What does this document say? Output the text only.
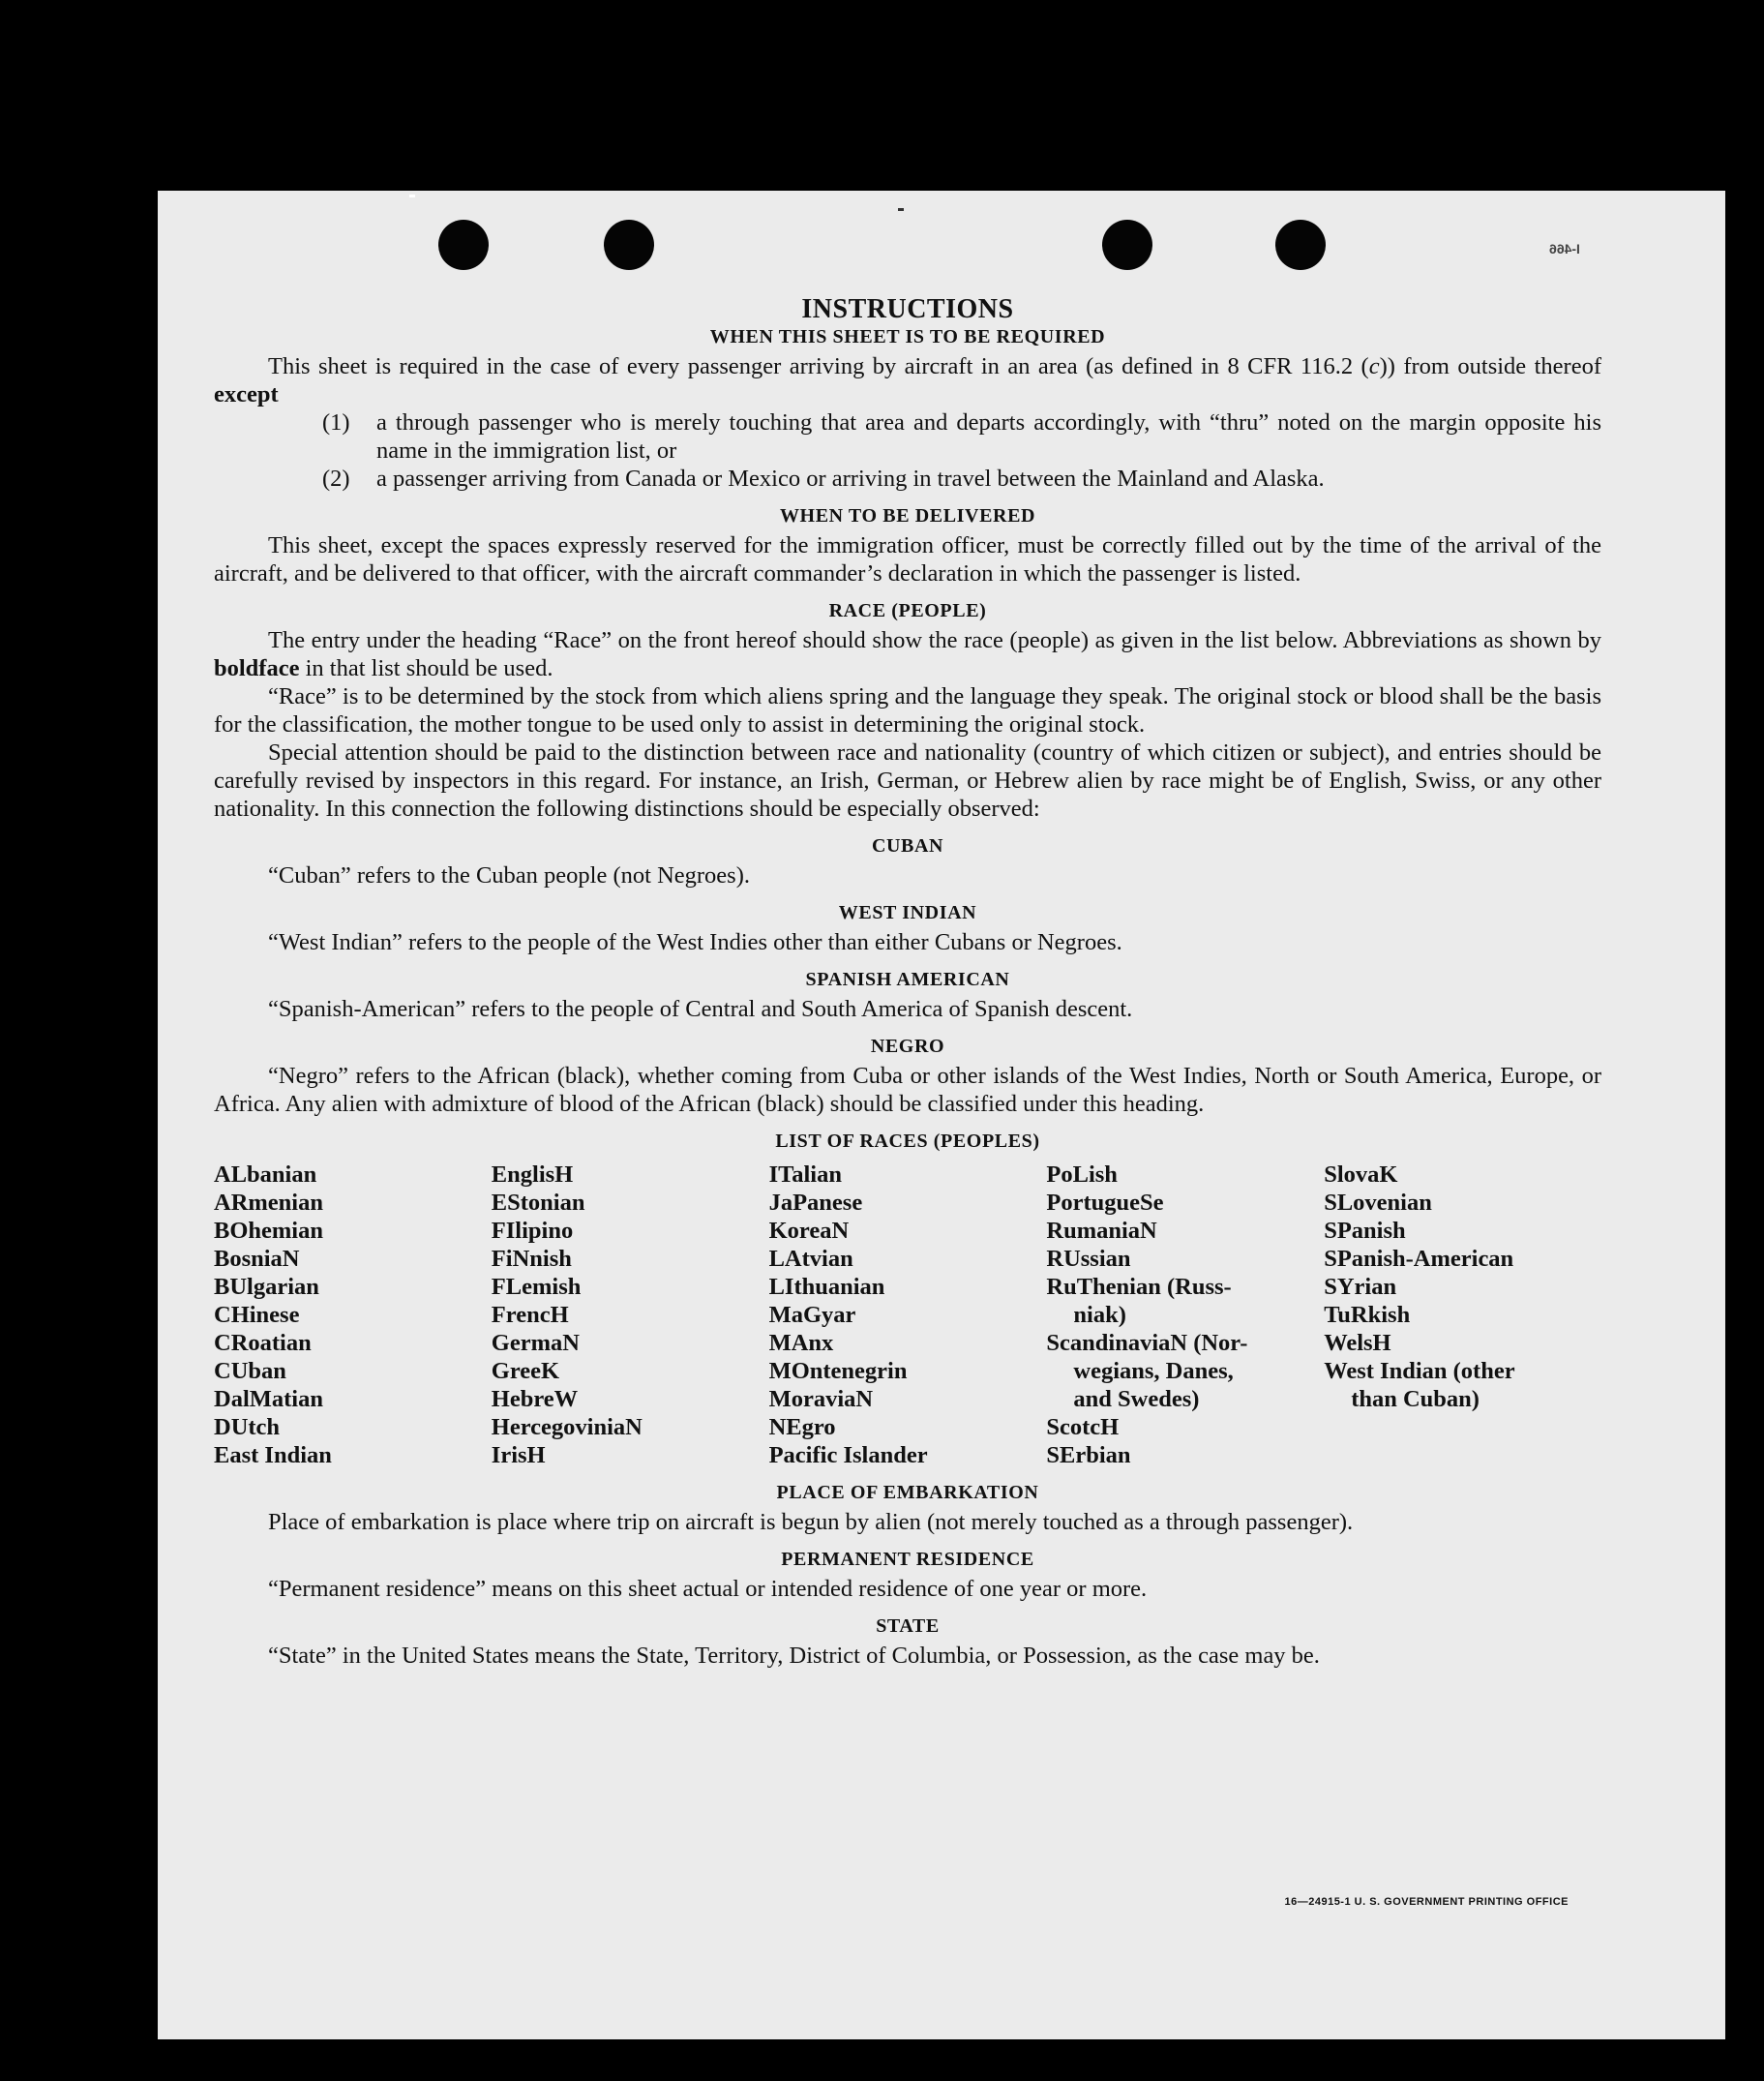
I-466
INSTRUCTIONS
WHEN THIS SHEET IS TO BE REQUIRED

This sheet is required in the case of every passenger arriving by aircraft in an area (as defined in 8 CFR 116.2 (c)) from outside thereof except

(1)	a through passenger who is merely touching that area and departs accordingly, with “thru” noted on the margin opposite his name in the immigration list, or
(2)	a passenger arriving from Canada or Mexico or arriving in travel between the Mainland and Alaska.
WHEN TO BE DELIVERED

This sheet, except the spaces expressly reserved for the immigration officer, must be correctly filled out by the time of the arrival of the aircraft, and be delivered to that officer, with the aircraft commander’s declaration in which the passenger is listed.

RACE (PEOPLE)

The entry under the heading “Race” on the front hereof should show the race (people) as given in the list below. Abbreviations as shown by boldface in that list should be used.

“Race” is to be determined by the stock from which aliens spring and the language they speak. The original stock or blood shall be the basis for the classification, the mother tongue to be used only to assist in determining the original stock.

Special attention should be paid to the distinction between race and nationality (country of which citizen or subject), and entries should be carefully revised by inspectors in this regard. For instance, an Irish, German, or Hebrew alien by race might be of English, Swiss, or any other nationality. In this connection the following distinctions should be especially observed:

CUBAN

“Cuban” refers to the Cuban people (not Negroes).

WEST INDIAN

“West Indian” refers to the people of the West Indies other than either Cubans or Negroes.

SPANISH AMERICAN

“Spanish-American” refers to the people of Central and South America of Spanish descent.

NEGRO

“Negro” refers to the African (black), whether coming from Cuba or other islands of the West Indies, North or South America, Europe, or Africa. Any alien with admixture of blood of the African (black) should be classified under this heading.

LIST OF RACES (PEOPLES)
ALbanian
ARmenian
BOhemian
BosniaN
BUlgarian
CHinese
CRoatian
CUban
DalMatian
DUtch
East Indian
EnglisH
EStonian
FIlipino
FiNnish
FLemish
FrencH
GermaN
GreeK
HebreW
HercegoviniaN
IrisH
ITalian
JaPanese
KoreaN
LAtvian
LIthuanian
MaGyar
MAnx
MOntenegrin
MoraviaN
NEgro
Pacific Islander
PoLish
PortugueSe
RumaniaN
RUssian
RuThenian (Russ-
niak)
ScandinaviaN (Nor-
wegians, Danes,
and Swedes)
ScotcH
SErbian
SlovaK
SLovenian
SPanish
SPanish-American
SYrian
TuRkish
WelsH
West Indian (other
than Cuban)
PLACE OF EMBARKATION

Place of embarkation is place where trip on aircraft is begun by alien (not merely touched as a through passenger).

PERMANENT RESIDENCE

“Permanent residence” means on this sheet actual or intended residence of one year or more.

STATE

“State” in the United States means the State, Territory, District of Columbia, or Possession, as the case may be.

16—24915-1 U. S. GOVERNMENT PRINTING OFFICE
